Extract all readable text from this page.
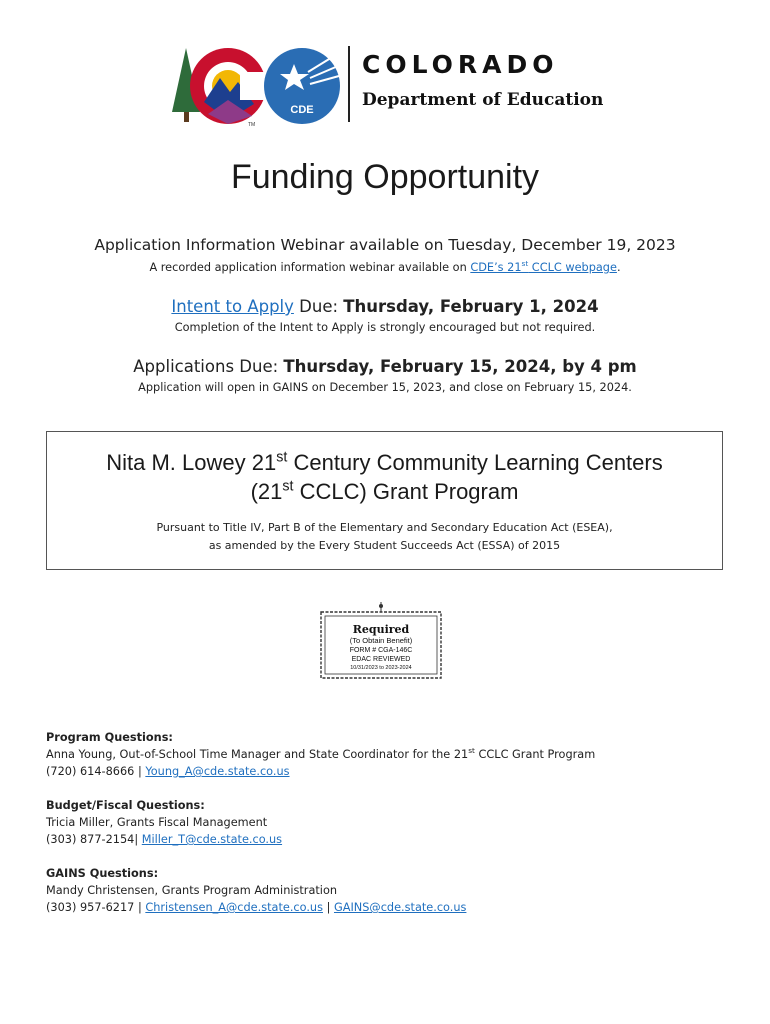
CDE
TM
COLORADO
Department of Education
Funding Opportunity
Application Information Webinar available on Tuesday, December 19, 2023
A recorded application information webinar available on CDE’s 21st CCLC webpage.
Intent to Apply Due: Thursday, February 1, 2024
Completion of the Intent to Apply is strongly encouraged but not required.
Applications Due: Thursday, February 15, 2024, by 4 pm
Application will open in GAINS on December 15, 2023, and close on February 15, 2024.
Nita M. Lowey 21st Century Community Learning Centers
(21st CCLC) Grant Program
Pursuant to Title IV, Part B of the Elementary and Secondary Education Act (ESEA),
as amended by the Every Student Succeeds Act (ESSA) of 2015
Required
(To Obtain Benefit)
FORM # CGA-146C
EDAC REVIEWED
10/31/2023 to 2023-2024
Program Questions:
Anna Young, Out-of-School Time Manager and State Coordinator for the 21st CCLC Grant Program
(720) 614-8666 | Young_A@cde.state.co.us
Budget/Fiscal Questions:
Tricia Miller, Grants Fiscal Management
(303) 877-2154| Miller_T@cde.state.co.us
GAINS Questions:
Mandy Christensen, Grants Program Administration
(303) 957-6217 | Christensen_A@cde.state.co.us | GAINS@cde.state.co.us
